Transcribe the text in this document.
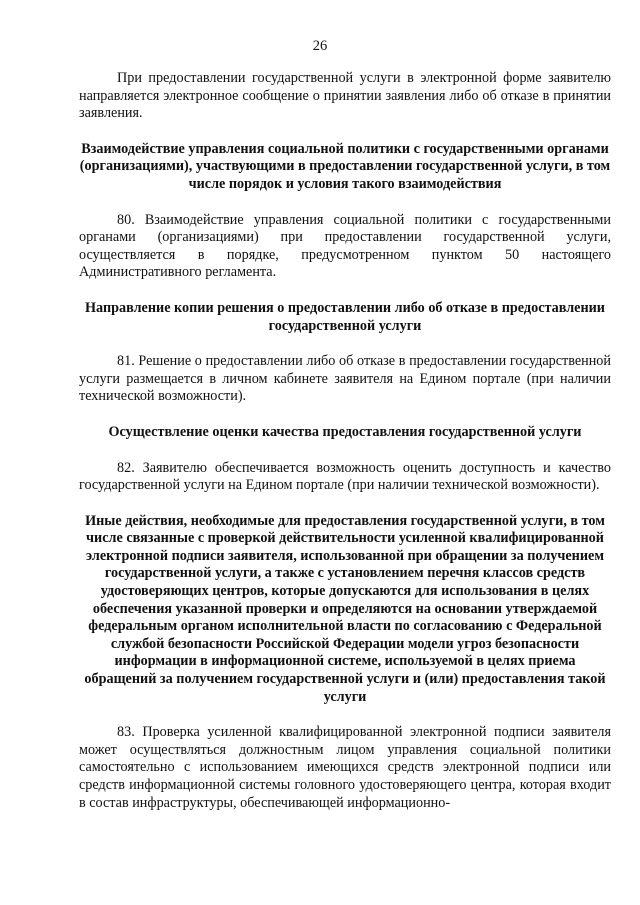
26

При предоставлении государственной услуги в электронной форме заявителю направляется электронное сообщение о принятии заявления либо об отказе в принятии заявления.

Взаимодействие управления социальной политики с государственными органами (организациями), участвующими в предоставлении государственной услуги, в том числе порядок и условия такого взаимодействия

80. Взаимодействие управления социальной политики с государственными органами (организациями) при предоставлении государственной услуги, осуществляется в порядке, предусмотренном пунктом 50 настоящего Административного регламента.

Направление копии решения о предоставлении либо об отказе в предоставлении государственной услуги

81. Решение о предоставлении либо об отказе в предоставлении государственной услуги размещается в личном кабинете заявителя на Едином портале (при наличии технической возможности).

Осуществление оценки качества предоставления государственной услуги

82. Заявителю обеспечивается возможность оценить доступность и качество государственной услуги на Едином портале (при наличии технической возможности).

Иные действия, необходимые для предоставления государственной услуги, в том числе связанные с проверкой действительности усиленной квалифицированной электронной подписи заявителя, использованной при обращении за получением государственной услуги, а также с установлением перечня классов средств удостоверяющих центров, которые допускаются для использования в целях обеспечения указанной проверки и определяются на основании утверждаемой федеральным органом исполнительной власти по согласованию с Федеральной службой безопасности Российской Федерации модели угроз безопасности информации в информационной системе, используемой в целях приема обращений за получением государственной услуги и (или) предоставления такой услуги

83. Проверка усиленной квалифицированной электронной подписи заявителя может осуществляться должностным лицом управления социальной политики самостоятельно с использованием имеющихся средств электронной подписи или средств информационной системы головного удостоверяющего центра, которая входит в состав инфраструктуры, обеспечивающей информационно-
